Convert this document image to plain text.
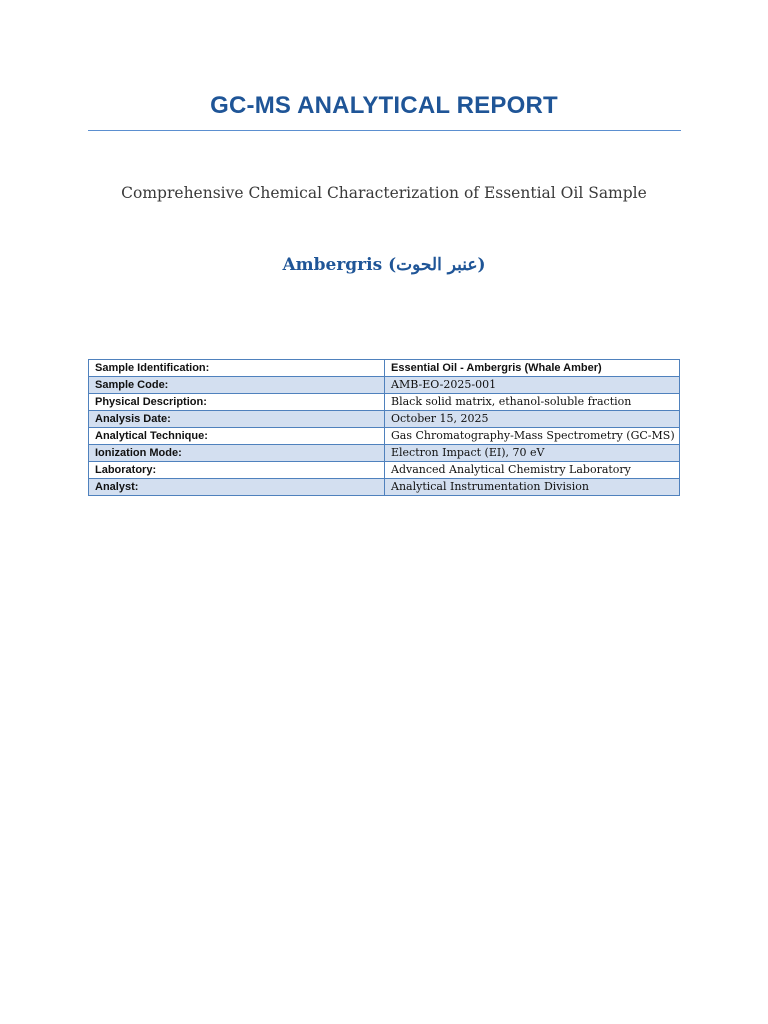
GC-MS ANALYTICAL REPORT
Comprehensive Chemical Characterization of Essential Oil Sample
Ambergris (عنبر الحوت)
Sample Identification:	Essential Oil - Ambergris (Whale Amber)
Sample Code:	AMB-EO-2025-001
Physical Description:	Black solid matrix, ethanol-soluble fraction
Analysis Date:	October 15, 2025
Analytical Technique:	Gas Chromatography-Mass Spectrometry (GC-MS)
Ionization Mode:	Electron Impact (EI), 70 eV
Laboratory:	Advanced Analytical Chemistry Laboratory
Analyst:	Analytical Instrumentation Division
